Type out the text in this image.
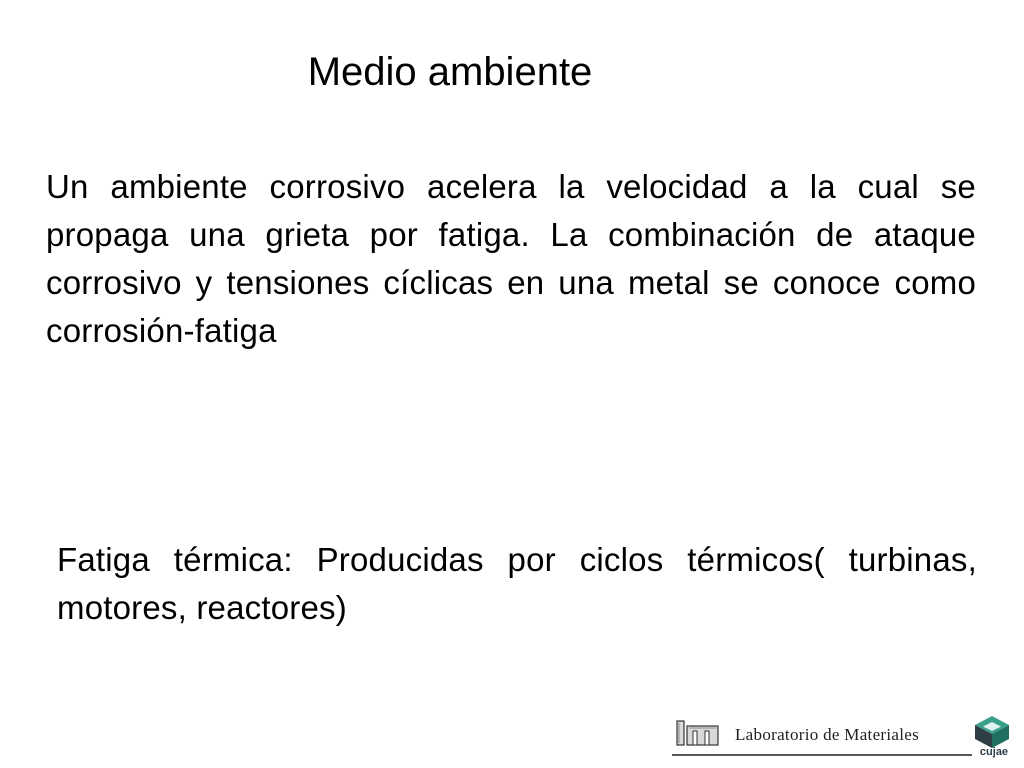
Medio ambiente

Un ambiente corrosivo acelera la velocidad a la cual se propaga una grieta por fatiga. La combinación de ataque corrosivo y tensiones cíclicas en una metal se conoce como corrosión-fatiga

Fatiga térmica: Producidas por ciclos térmicos( turbinas, motores, reactores)

Laboratorio de Materiales
cujae
